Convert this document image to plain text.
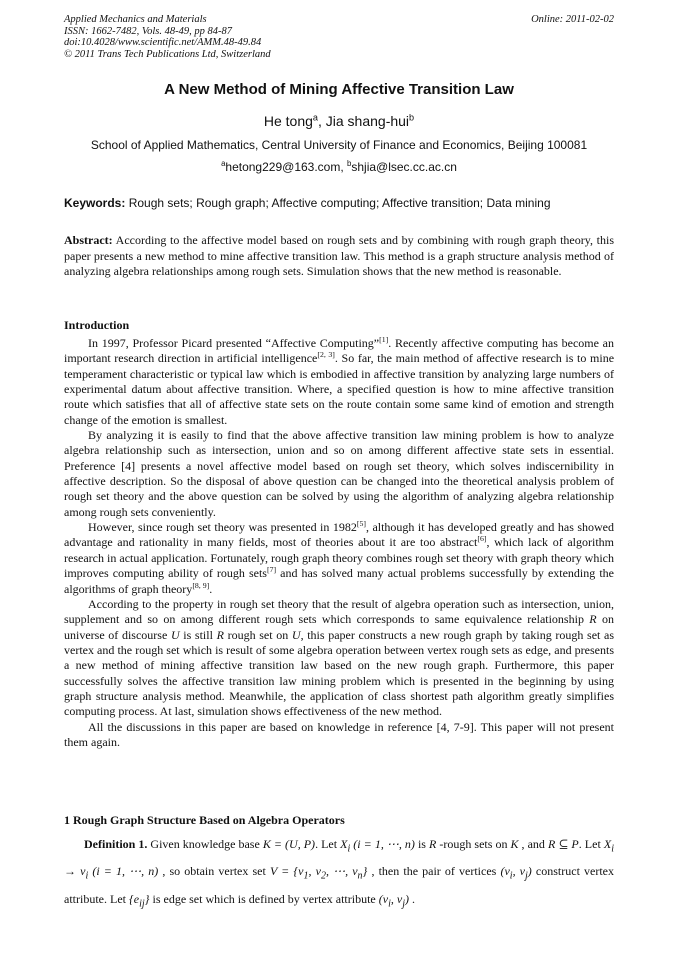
Applied Mechanics and Materials
ISSN: 1662-7482, Vols. 48-49, pp 84-87
doi:10.4028/www.scientific.net/AMM.48-49.84
© 2011 Trans Tech Publications Ltd, Switzerland
Online: 2011-02-02
A New Method of Mining Affective Transition Law
He tong$^a$, Jia shang-hui$^b$
School of Applied Mathematics, Central University of Finance and Economics, Beijing 100081
$^a$hetong229@163.com, $^b$shjia@lsec.cc.ac.cn
Keywords: Rough sets; Rough graph; Affective computing; Affective transition; Data mining
Abstract: According to the affective model based on rough sets and by combining with rough graph theory, this paper presents a new method to mine affective transition law. This method is a graph structure analysis method of analyzing algebra relationships among rough sets. Simulation shows that the new method is reasonable.
Introduction

In 1997, Professor Picard presented “Affective Computing”[1]. Recently affective computing has become an important research direction in artificial intelligence[2, 3]. So far, the main method of affective research is to mine temperament characteristic or typical law which is embodied in affective transition by analyzing large numbers of experimental datum about affective transition. Where, a specified question is how to mine affective transition route which satisfies that all of affective state sets on the route contain some same kind of emotion and strength change of the emotion is smallest.

By analyzing it is easily to find that the above affective transition law mining problem is how to analyze algebra relationship such as intersection, union and so on among different affective state sets in essential. Preference [4] presents a novel affective model based on rough set theory, which solves indiscernibility in affective description. So the disposal of above question can be changed into the theoretical analysis problem of rough set theory and the above question can be solved by using the algorithm of analyzing algebra relationship among rough sets conveniently.

However, since rough set theory was presented in 1982[5], although it has developed greatly and has showed advantage and rationality in many fields, most of theories about it are too abstract[6], which lack of algorithm research in actual application. Fortunately, rough graph theory combines rough set theory with graph theory which improves computing ability of rough sets[7] and has solved many actual problems successfully by extending the algorithms of graph theory[8, 9].

According to the property in rough set theory that the result of algebra operation such as intersection, union, supplement and so on among different rough sets which corresponds to same equivalence relationship R on universe of discourse U is still R rough set on U, this paper constructs a new rough graph by taking rough set as vertex and the rough set which is result of some algebra operation between vertex rough sets as edge, and presents a new method of mining affective transition law based on the new rough graph. Furthermore, this paper successfully solves the affective transition law mining problem which is presented in the beginning by using graph structure analysis method. Meanwhile, the application of class shortest path algorithm greatly simplifies computing process. At last, simulation shows effectiveness of the new method.

All the discussions in this paper are based on knowledge in reference [4, 7-9]. This paper will not present them again.

1 Rough Graph Structure Based on Algebra Operators

Definition 1. Given knowledge base K = (U, P). Let $X_i$ (i = 1, ⋯, n) is R -rough sets on K , and R ⊆ P. Let $X_i \to v_i$ (i = 1, ⋯, n) , so obtain vertex set $V = \{v_1$, $v_2$, ⋯, $v_n$} , then the pair of vertices ($v_i$, $v_j$) construct vertex attribute. Let $\{e_{ij}\}$ is edge set which is defined by vertex attribute ($v_i$, $v_j$) .
